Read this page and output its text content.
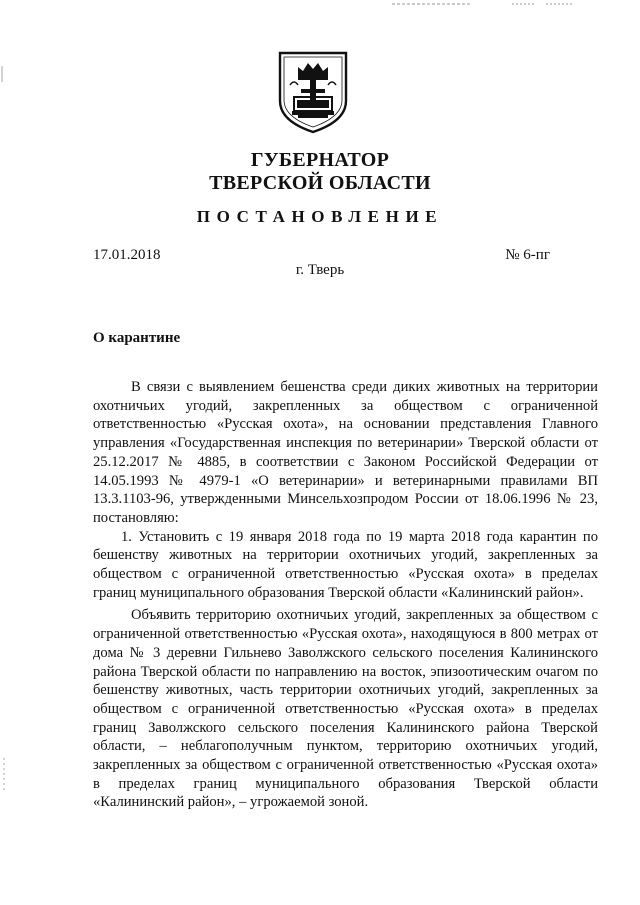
ГУБЕРНАТОР
ТВЕРСКОЙ ОБЛАСТИ
ПОСТАНОВЛЕНИЕ
17.01.2018	№ 6-пг
г. Тверь
О карантине

В связи с выявлением бешенства среди диких животных на территории охотничьих угодий, закрепленных за обществом с ограниченной ответственностью «Русская охота», на основании представления Главного управления «Государственная инспекция по ветеринарии» Тверской области от 25.12.2017 № 4885, в соответствии с Законом Российской Федерации от 14.05.1993 № 4979-1 «О ветеринарии» и ветеринарными правилами ВП 13.3.1103-96, утвержденными Минсельхозпродом России от 18.06.1996 № 23, постановляю:

1. Установить с 19 января 2018 года по 19 марта 2018 года карантин по бешенству животных на территории охотничьих угодий, закрепленных за обществом с ограниченной ответственностью «Русская охота» в пределах границ муниципального образования Тверской области «Калининский район».

Объявить территорию охотничьих угодий, закрепленных за обществом с ограниченной ответственностью «Русская охота», находящуюся в 800 метрах от дома № 3 деревни Гильнево Заволжского сельского поселения Калининского района Тверской области по направлению на восток, эпизоотическим очагом по бешенству животных, часть территории охотничьих угодий, закрепленных за обществом с ограниченной ответственностью «Русская охота» в пределах границ Заволжского сельского поселения Калининского района Тверской области, – неблагополучным пунктом, территорию охотничьих угодий, закрепленных за обществом с ограниченной ответственностью «Русская охота» в пределах границ муниципального образования Тверской области «Калининский район», – угрожаемой зоной.
